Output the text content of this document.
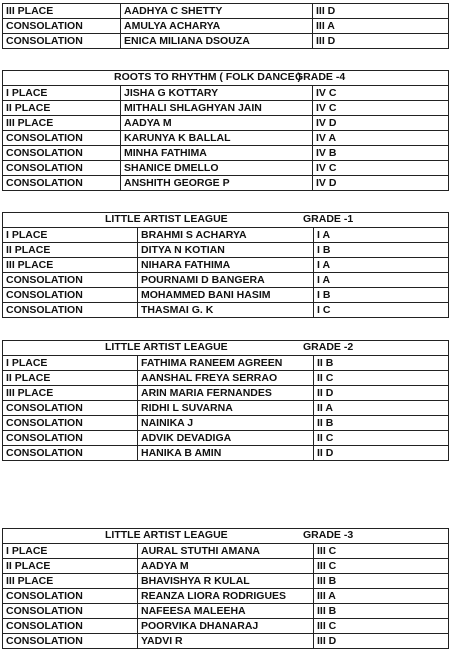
III PLACE	AADHYA C SHETTY	III D
CONSOLATION	AMULYA ACHARYA	III A
CONSOLATION	ENICA MILIANA DSOUZA	III D
ROOTS TO RHYTHM ( FOLK DANCE )
GRADE -4		

I PLACE	JISHA G KOTTARY	IV C
II PLACE	MITHALI SHLAGHYAN JAIN	IV C
III PLACE	AADYA M	IV D
CONSOLATION	KARUNYA K BALLAL	IV A
CONSOLATION	MINHA FATHIMA	IV B
CONSOLATION	SHANICE DMELLO	IV C
CONSOLATION	ANSHITH GEORGE P	IV D
LITTLE ARTIST LEAGUE GRADE -1		

I PLACE	BRAHMI S ACHARYA	I A
II PLACE	DITYA N KOTIAN	I B
III PLACE	NIHARA FATHIMA	I A
CONSOLATION	POURNAMI D BANGERA	I A
CONSOLATION	MOHAMMED BANI HASIM	I B
CONSOLATION	THASMAI G. K	I C
LITTLE ARTIST LEAGUE GRADE -2		

I PLACE	FATHIMA RANEEM AGREEN	II B
II PLACE	AANSHAL FREYA SERRAO	II C
III PLACE	ARIN MARIA FERNANDES	II D
CONSOLATION	RIDHI L SUVARNA	II A
CONSOLATION	NAINIKA J	II B
CONSOLATION	ADVIK DEVADIGA	II C
CONSOLATION	HANIKA B AMIN	II D
LITTLE ARTIST LEAGUE GRADE -3		

I PLACE	AURAL STUTHI AMANA	III C
II PLACE	AADYA M	III C
III PLACE	BHAVISHYA R KULAL	III B
CONSOLATION	REANZA LIORA RODRIGUES	III A
CONSOLATION	NAFEESA MALEEHA	III B
CONSOLATION	POORVIKA DHANARAJ	III C
CONSOLATION	YADVI R	III D
